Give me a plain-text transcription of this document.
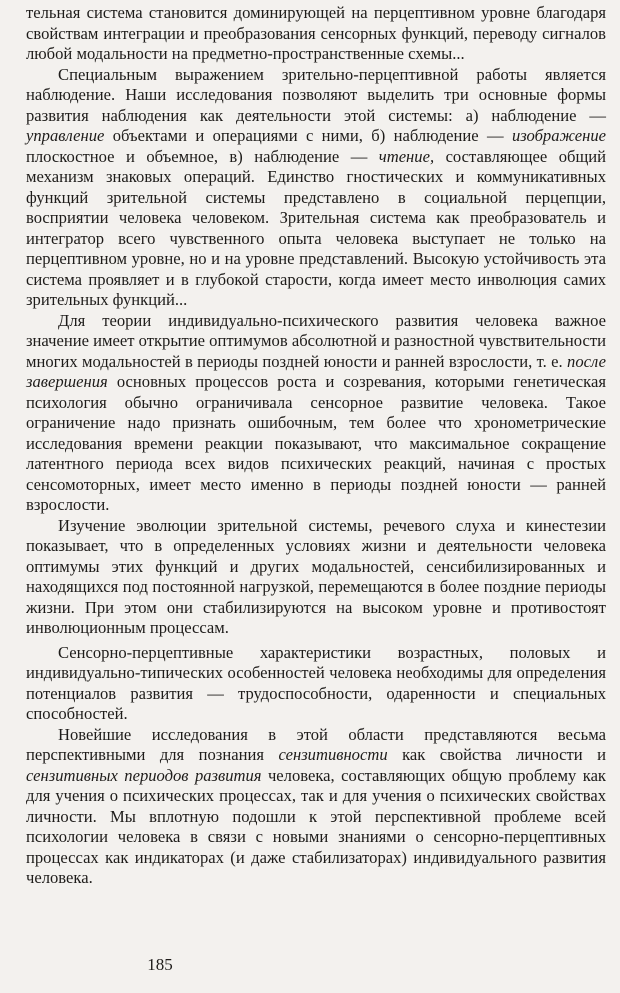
тельная система становится доминирующей на перцептивном уровне благодаря свойствам интеграции и преобразования сенсорных функций, переводу сигналов любой модальности на предметно-пространственные схемы...

Специальным выражением зрительно-перцептивной работы является наблюдение. Наши исследования позволяют выделить три основные формы развития наблюдения как деятельности этой системы: а) наблюдение — управление объектами и операциями с ними, б) наблюдение — изображение плоскостное и объемное, в) наблюдение — чтение, составляющее общий механизм знаковых операций. Единство гностических и коммуникативных функций зрительной системы представлено в социальной перцепции, восприятии человека человеком. Зрительная система как преобразователь и интегратор всего чувственного опыта человека выступает не только на перцептивном уровне, но и на уровне представлений. Высокую устойчивость эта система проявляет и в глубокой старости, когда имеет место инволюция самих зрительных функций...

Для теории индивидуально-психического развития человека важное значение имеет открытие оптимумов абсолютной и разностной чувствительности многих модальностей в периоды поздней юности и ранней взрослости, т. е. после завершения основных процессов роста и созревания, которыми генетическая психология обычно ограничивала сенсорное развитие человека. Такое ограничение надо признать ошибочным, тем более что хронометрические исследования времени реакции показывают, что максимальное сокращение латентного периода всех видов психических реакций, начиная с простых сенсомоторных, имеет место именно в периоды поздней юности — ранней взрослости.

Изучение эволюции зрительной системы, речевого слуха и кинестезии показывает, что в определенных условиях жизни и деятельности человека оптимумы этих функций и других модальностей, сенсибилизированных и находящихся под постоянной нагрузкой, перемещаются в более поздние периоды жизни. При этом они стабилизируются на высоком уровне и противостоят инволюционным процессам.

Сенсорно-перцептивные характеристики возрастных, половых и индивидуально-типических особенностей человека необходимы для определения потенциалов развития — трудоспособности, одаренности и специальных способностей.

Новейшие исследования в этой области представляются весьма перспективными для познания сензитивности как свойства личности и сензитивных периодов развития человека, составляющих общую проблему как для учения о психических процессах, так и для учения о психических свойствах личности. Мы вплотную подошли к этой перспективной проблеме всей психологии человека в связи с новыми знаниями о сенсорно-перцептивных процессах как индикаторах (и даже стабилизаторах) индивидуального развития человека.

185
